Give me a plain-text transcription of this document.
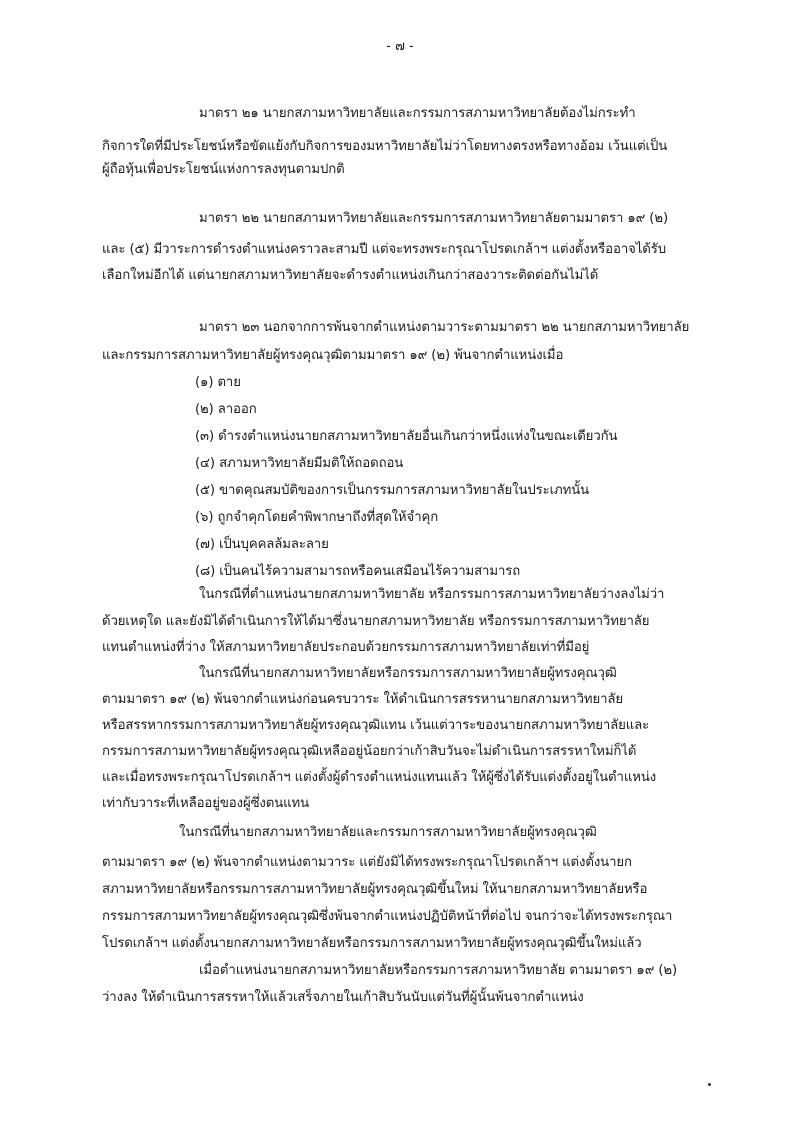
- ๗ -
มาตรา ๒๑ นายกสภามหาวิทยาลัยและกรรมการสภามหาวิทยาลัยต้องไม่กระทำ
กิจการใดที่มีประโยชน์หรือขัดแย้งกับกิจการของมหาวิทยาลัยไม่ว่าโดยทางตรงหรือทางอ้อม เว้นแต่เป็น
ผู้ถือหุ้นเพื่อประโยชน์แห่งการลงทุนตามปกติ
มาตรา ๒๒ นายกสภามหาวิทยาลัยและกรรมการสภามหาวิทยาลัยตามมาตรา ๑๙ (๒)
และ (๕) มีวาระการดำรงตำแหน่งคราวละสามปี แต่จะทรงพระกรุณาโปรดเกล้าฯ แต่งตั้งหรืออาจได้รับ
เลือกใหม่อีกได้ แต่นายกสภามหาวิทยาลัยจะดำรงตำแหน่งเกินกว่าสองวาระติดต่อกันไม่ได้
มาตรา ๒๓ นอกจากการพ้นจากตำแหน่งตามวาระตามมาตรา ๒๒ นายกสภามหาวิทยาลัย
และกรรมการสภามหาวิทยาลัยผู้ทรงคุณวุฒิตามมาตรา ๑๙ (๒) พ้นจากตำแหน่งเมื่อ
(๑) ตาย
(๒) ลาออก
(๓) ดำรงตำแหน่งนายกสภามหาวิทยาลัยอื่นเกินกว่าหนึ่งแห่งในขณะเดียวกัน
(๔) สภามหาวิทยาลัยมีมติให้ถอดถอน
(๕) ขาดคุณสมบัติของการเป็นกรรมการสภามหาวิทยาลัยในประเภทนั้น
(๖) ถูกจำคุกโดยคำพิพากษาถึงที่สุดให้จำคุก
(๗) เป็นบุคคลล้มละลาย
(๘) เป็นคนไร้ความสามารถหรือคนเสมือนไร้ความสามารถ
ในกรณีที่ตำแหน่งนายกสภามหาวิทยาลัย หรือกรรมการสภามหาวิทยาลัยว่างลงไม่ว่า
ด้วยเหตุใด และยังมิได้ดำเนินการให้ได้มาซึ่งนายกสภามหาวิทยาลัย หรือกรรมการสภามหาวิทยาลัย
แทนตำแหน่งที่ว่าง ให้สภามหาวิทยาลัยประกอบด้วยกรรมการสภามหาวิทยาลัยเท่าที่มีอยู่
ในกรณีที่นายกสภามหาวิทยาลัยหรือกรรมการสภามหาวิทยาลัยผู้ทรงคุณวุฒิ
ตามมาตรา ๑๙ (๒) พ้นจากตำแหน่งก่อนครบวาระ ให้ดำเนินการสรรหานายกสภามหาวิทยาลัย
หรือสรรหากรรมการสภามหาวิทยาลัยผู้ทรงคุณวุฒิแทน เว้นแต่วาระของนายกสภามหาวิทยาลัยและ
กรรมการสภามหาวิทยาลัยผู้ทรงคุณวุฒิเหลืออยู่น้อยกว่าเก้าสิบวันจะไม่ดำเนินการสรรหาใหม่ก็ได้
และเมื่อทรงพระกรุณาโปรดเกล้าฯ แต่งตั้งผู้ดำรงตำแหน่งแทนแล้ว ให้ผู้ซึ่งได้รับแต่งตั้งอยู่ในตำแหน่ง
เท่ากับวาระที่เหลืออยู่ของผู้ซึ่งตนแทน
ในกรณีที่นายกสภามหาวิทยาลัยและกรรมการสภามหาวิทยาลัยผู้ทรงคุณวุฒิ
ตามมาตรา ๑๙ (๒) พ้นจากตำแหน่งตามวาระ แต่ยังมิได้ทรงพระกรุณาโปรดเกล้าฯ แต่งตั้งนายก
สภามหาวิทยาลัยหรือกรรมการสภามหาวิทยาลัยผู้ทรงคุณวุฒิขึ้นใหม่ ให้นายกสภามหาวิทยาลัยหรือ
กรรมการสภามหาวิทยาลัยผู้ทรงคุณวุฒิซึ่งพ้นจากตำแหน่งปฏิบัติหน้าที่ต่อไป จนกว่าจะได้ทรงพระกรุณา
โปรดเกล้าฯ แต่งตั้งนายกสภามหาวิทยาลัยหรือกรรมการสภามหาวิทยาลัยผู้ทรงคุณวุฒิขึ้นใหม่แล้ว
เมื่อตำแหน่งนายกสภามหาวิทยาลัยหรือกรรมการสภามหาวิทยาลัย ตามมาตรา ๑๙ (๒)
ว่างลง ให้ดำเนินการสรรหาให้แล้วเสร็จภายในเก้าสิบวันนับแต่วันที่ผู้นั้นพ้นจากตำแหน่ง
